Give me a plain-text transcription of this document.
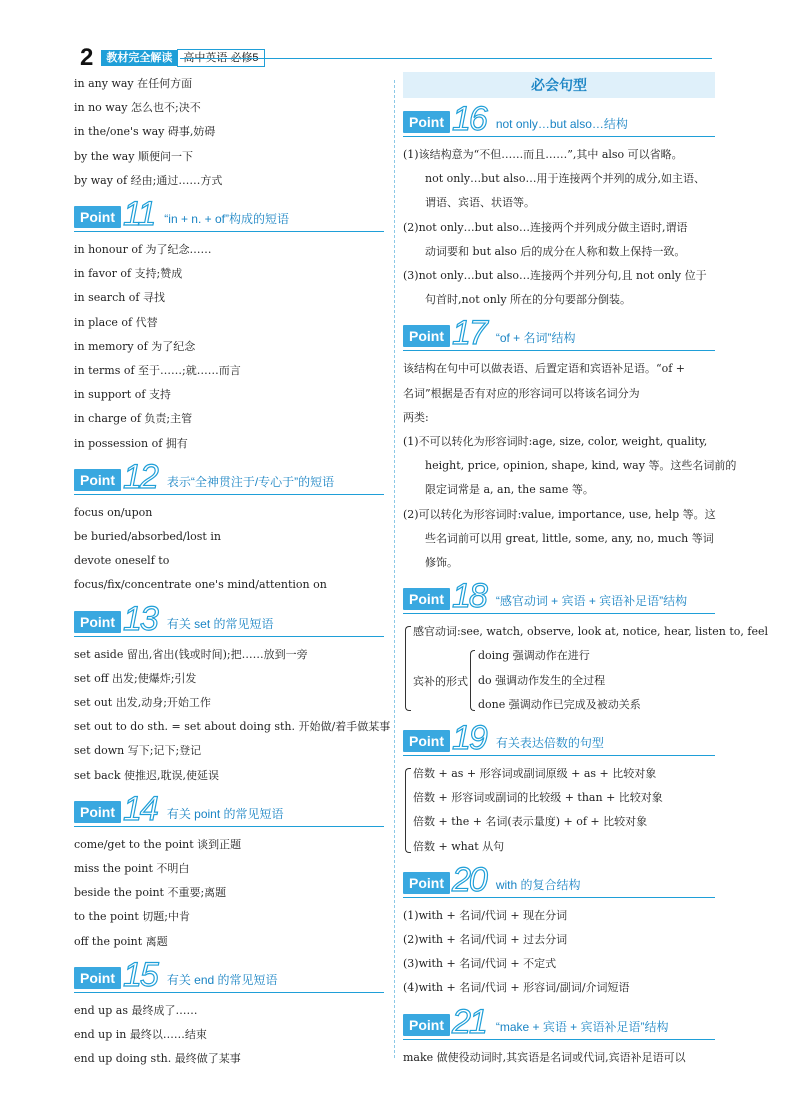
2	教材完全解读	高中英语 必修5
in any way 在任何方面
in no way 怎么也不;决不
in the/one's way 碍事,妨碍
by the way 顺便问一下
by way of 经由;通过……方式
Point 11 “in + n. + of”构成的短语
in honour of 为了纪念……
in favor of 支持;赞成
in search of 寻找
in place of 代替
in memory of 为了纪念
in terms of 至于……;就……而言
in support of 支持
in charge of 负责;主管
in possession of 拥有
Point 12 表示“全神贯注于/专心于”的短语
focus on/upon
be buried/absorbed/lost in
devote oneself to
focus/fix/concentrate one's mind/attention on
Point 13 有关 set 的常见短语
set aside 留出,省出(钱或时间);把……放到一旁
set off 出发;使爆炸;引发
set out 出发,动身;开始工作
set out to do sth. = set about doing sth. 开始做/着手做某事
set down 写下;记下;登记
set back 使推迟,耽误,使延误
Point 14 有关 point 的常见短语
come/get to the point 谈到正题
miss the point 不明白
beside the point 不重要;离题
to the point 切题;中肯
off the point 离题
Point 15 有关 end 的常见短语
end up as 最终成了……
end up in 最终以……结束
end up doing sth. 最终做了某事
必会句型
Point 16 not only…but also…结构
(1)该结构意为“不但……而且……”,其中 also 可以省略。
not only…but also…用于连接两个并列的成分,如主语、
谓语、宾语、状语等。
(2)not only…but also…连接两个并列成分做主语时,谓语
动词要和 but also 后的成分在人称和数上保持一致。
(3)not only…but also…连接两个并列分句,且 not only 位于
句首时,not only 所在的分句要部分倒装。
Point 17 “of + 名词”结构
该结构在句中可以做表语、后置定语和宾语补足语。“of +
名词”根据是否有对应的形容词可以将该名词分为
两类:
(1)不可以转化为形容词时:age, size, color, weight, quality,
height, price, opinion, shape, kind, way 等。这些名词前的
限定词常是 a, an, the same 等。
(2)可以转化为形容词时:value, importance, use, help 等。这
些名词前可以用 great, little, some, any, no, much 等词
修饰。
Point 18 “感官动词 + 宾语 + 宾语补足语”结构
感官动词:see, watch, observe, look at, notice, hear, listen to, feel
宾补的形式
doing 强调动作在进行
do 强调动作发生的全过程
done 强调动作已完成及被动关系
Point 19 有关表达倍数的句型
倍数 + as + 形容词或副词原级 + as + 比较对象
倍数 + 形容词或副词的比较级 + than + 比较对象
倍数 + the + 名词(表示量度) + of + 比较对象
倍数 + what 从句
Point 20 with 的复合结构
(1)with + 名词/代词 + 现在分词
(2)with + 名词/代词 + 过去分词
(3)with + 名词/代词 + 不定式
(4)with + 名词/代词 + 形容词/副词/介词短语
Point 21 “make + 宾语 + 宾语补足语”结构
make 做使役动词时,其宾语是名词或代词,宾语补足语可以
